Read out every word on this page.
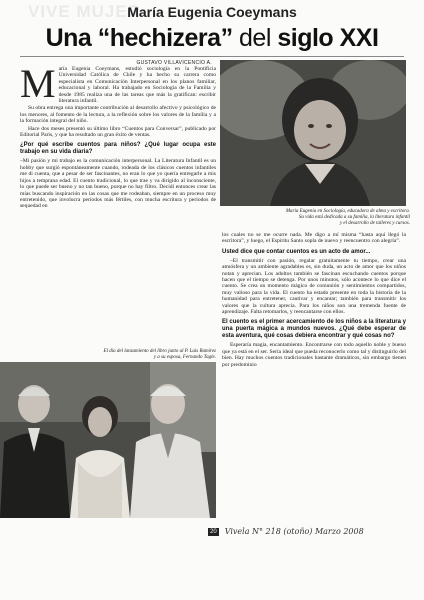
VIVE MUJER
María Eugenia Coeymans
Una “hechizera” del siglo XXI
GUSTAVO VILLAVICENCIO A.

María Eugenia Coeymans, estudió sociología en la Pontificia Universidad Católica de Chile y ha hecho su carrera como especialista en Comunicación Interpersonal en los planos familiar, educacional y laboral. Ha trabajado en Sociología de la Familia y desde 1985 realiza una de las tareas que más la gratifican: escribir literatura infantil.

Su obra entrega una importante contribución al desarrollo afectivo y psicológico de los menores, al fomento de la lectura, a la reflexión sobre los valores de la familia y a la formación integral del niño.

Hace dos meses presentó su último libro “Cuentos para Conversar”, publicado por Editorial Paris, y que ha resultado un gran éxito de ventas.

¿Por qué escribe cuentos para niños? ¿Qué lugar ocupa este trabajo en su vida diaria?

–Mi pasión y mi trabajo es la comunicación interpersonal. La Literatura Infantil es un hobby que surgió espontáneamente cuando, rodeada de los clásicos cuentos infantiles me di cuenta, que a pesar de ser fascinantes, no eran lo que yo quería entregarle a mis hijos a temprana edad. El cuento tradicional, lo que trae y va dirigido al inconsciente, lo que puede ser bueno y no tan bueno, porque no hay filtro. Decidí entonces crear las mías buscando inspiración en las cosas que me rodeaban, siempre en un proceso muy entretenido, que involucra períodos más fértiles, con mucha escritura y periodos de sequedad en

María Eugenia en Sociología, educadora de alma y escritora.
Su vida está dedicada a su familia, la literatura infantil
y el desarrollo de talleres y cursos.

los cuales no se me ocurre nada. Me digo a mí misma “hasta aquí llegó la escritora”, y luego, el Espíritu Santo sopla de nuevo y reencuentro con alegría”.

Usted dice que contar cuentos es un acto de amor...

–El transmitir con pasión, regalar gratuitamente tu tiempo, crear una atmósfera y un ambiente agradables es, sin duda, un acto de amor que los niños notan y aprecian. Los adultos también se fascinan escuchando cuentos porque hacen que el tiempo se detenga. Por unos minutos, sólo acontece lo que dice el cuento. Se crea un momento mágico de comunión y sentimientos compartidos, muy valioso para la vida. El cuento ha estado presente en toda la historia de la humanidad para entretener, cautivar y encantar; también para transmitir los valores que la cultura aprecia. Para los niños son una tremenda fuente de aprendizaje. Falta retomarlos, y reencantarse con ellos.

El cuento es el primer acercamiento de los niños a la literatura y una puerta mágica a mundos nuevos. ¿Qué debe esperar de esta aventura, qué cosas debiera encontrar y qué cosas no?

Esperaría magia, encantamiento. Encontrarse con todo aquello noble y bueno que ya está en el ser. Sería ideal que pueda reconocerlo como tal y distinguirlo del bien. Hay muchos cuentos tradicionales bastante dramáticos, sin embargo tienen por predominio

El día del lanzamiento del libro junto al P. Luis Ramírez
y a su esposa, Fernando Tagle.
20 Vivela N° 218 (otoño) Marzo 2008
